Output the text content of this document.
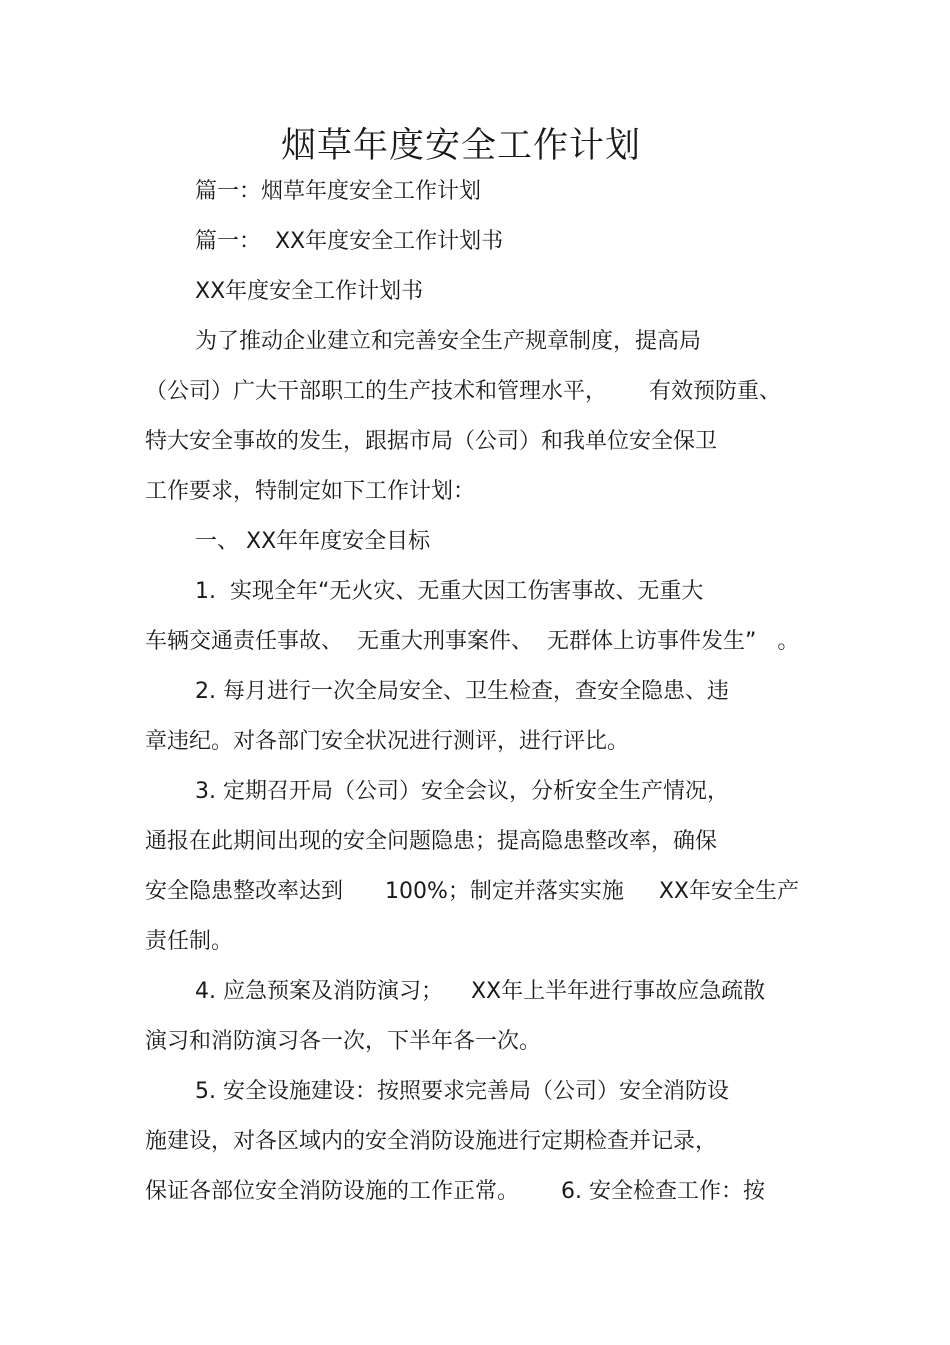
烟草年度安全工作计划

篇一：烟草年度安全工作计划

篇一：  XX年度安全工作计划书

XX年度安全工作计划书

为了推动企业建立和完善安全生产规章制度，提高局

（公司）广大干部职工的生产技术和管理水平，      有效预防重、

特大安全事故的发生，跟据市局（公司）和我单位安全保卫

工作要求，特制定如下工作计划：

一、 XX年年度安全目标

1.  实现全年“无火灾、无重大因工伤害事故、无重大

车辆交通责任事故、  无重大刑事案件、  无群体上访事件发生”   。

2. 每月进行一次全局安全、卫生检查，查安全隐患、违

章违纪。对各部门安全状况进行测评，进行评比。

3. 定期召开局（公司）安全会议，分析安全生产情况，

通报在此期间出现的安全问题隐患；提高隐患整改率，确保

安全隐患整改率达到      100%；制定并落实实施     XX年安全生产

责任制。

4. 应急预案及消防演习；    XX年上半年进行事故应急疏散

演习和消防演习各一次，下半年各一次。

5. 安全设施建设：按照要求完善局（公司）安全消防设

施建设，对各区域内的安全消防设施进行定期检查并记录，

保证各部位安全消防设施的工作正常。      6. 安全检查工作：按
